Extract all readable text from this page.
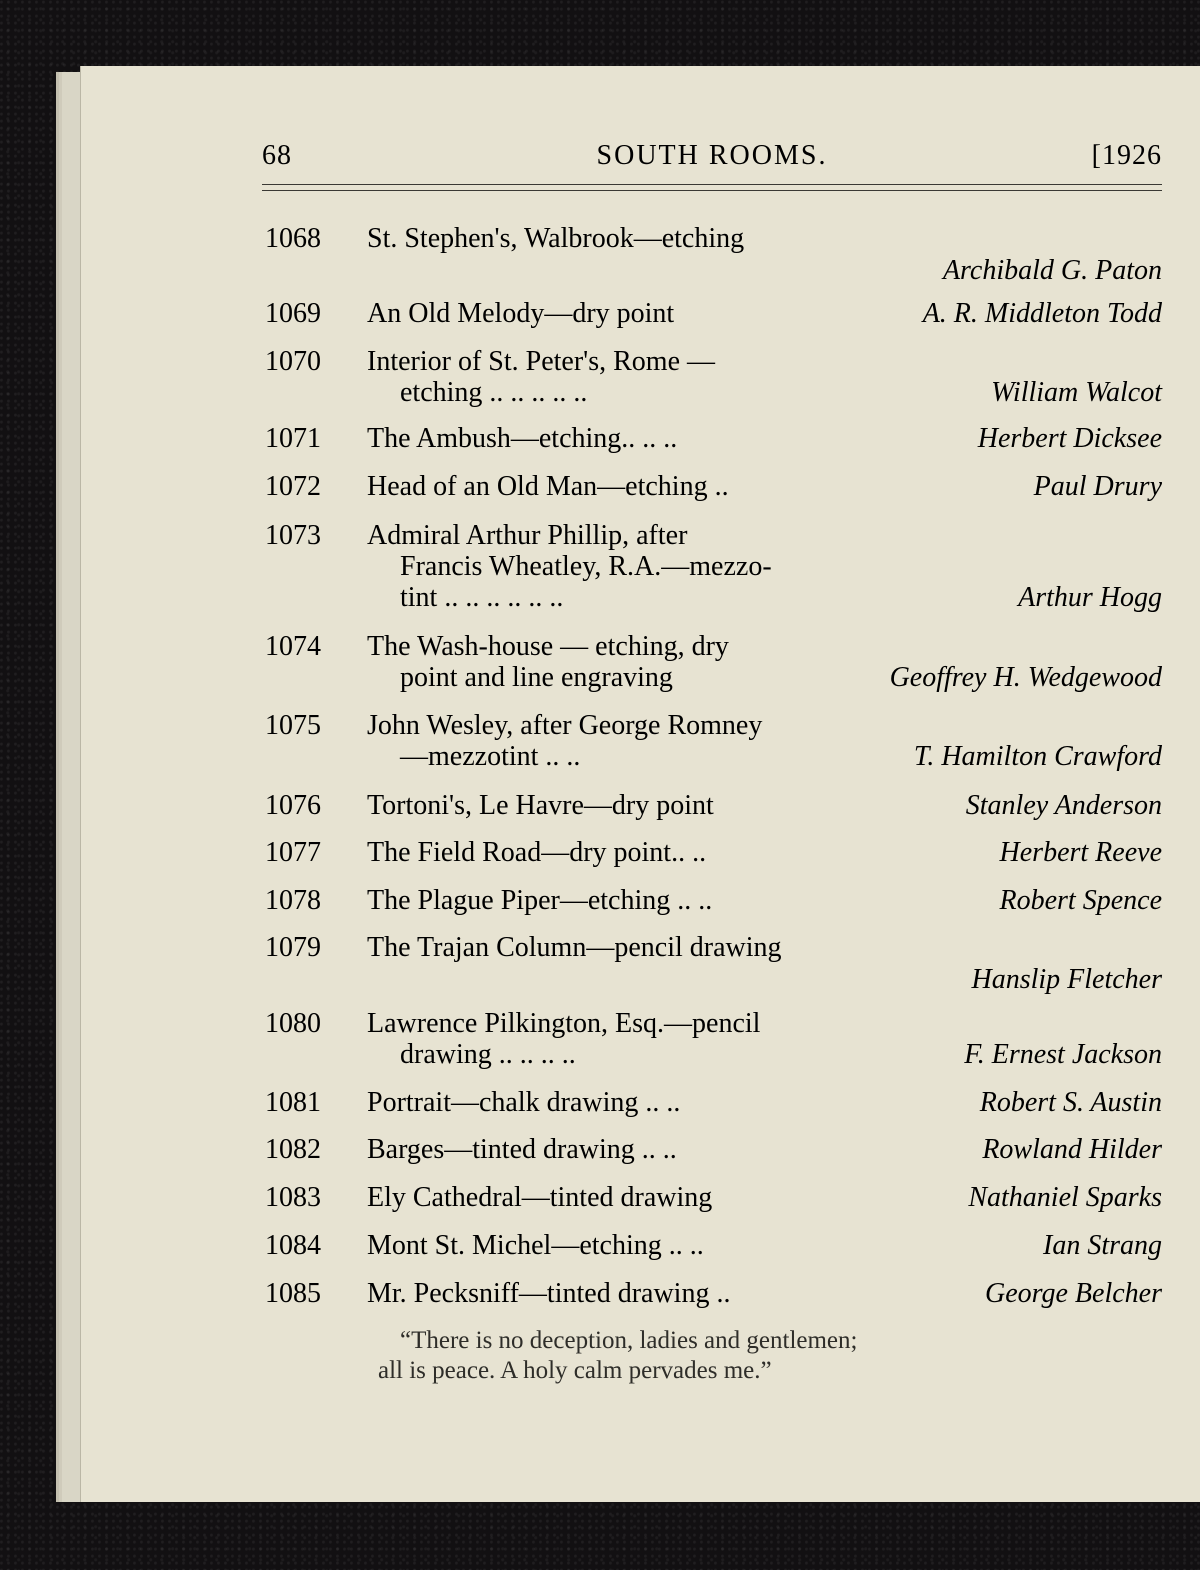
68	SOUTH ROOMS.	[1926
1068 St. Stephen's, Walbrook—etching
Archibald G. Paton
1069 An Old Melody—dry point	A. R. Middleton Todd
1070 Interior of St. Peter's, Rome —
etching .. .. .. .. ..	William Walcot
1071 The Ambush—etching.. .. ..	Herbert Dicksee
1072 Head of an Old Man—etching ..	Paul Drury
1073 Admiral Arthur Phillip, after
Francis Wheatley, R.A.—mezzo-
tint .. .. .. .. .. ..	Arthur Hogg
1074 The Wash-house — etching, dry
point and line engraving	Geoffrey H. Wedgewood
1075 John Wesley, after George Romney
—mezzotint .. ..	T. Hamilton Crawford
1076 Tortoni's, Le Havre—dry point	Stanley Anderson
1077 The Field Road—dry point.. ..	Herbert Reeve
1078 The Plague Piper—etching .. ..	Robert Spence
1079 The Trajan Column—pencil drawing
Hanslip Fletcher
1080 Lawrence Pilkington, Esq.—pencil
drawing .. .. .. ..	F. Ernest Jackson
1081 Portrait—chalk drawing .. ..	Robert S. Austin
1082 Barges—tinted drawing .. ..	Rowland Hilder
1083 Ely Cathedral—tinted drawing	Nathaniel Sparks
1084 Mont St. Michel—etching .. ..	Ian Strang
1085 Mr. Pecksniff—tinted drawing ..	George Belcher
“There is no deception, ladies and gentlemen;
all is peace. A holy calm pervades me.”
